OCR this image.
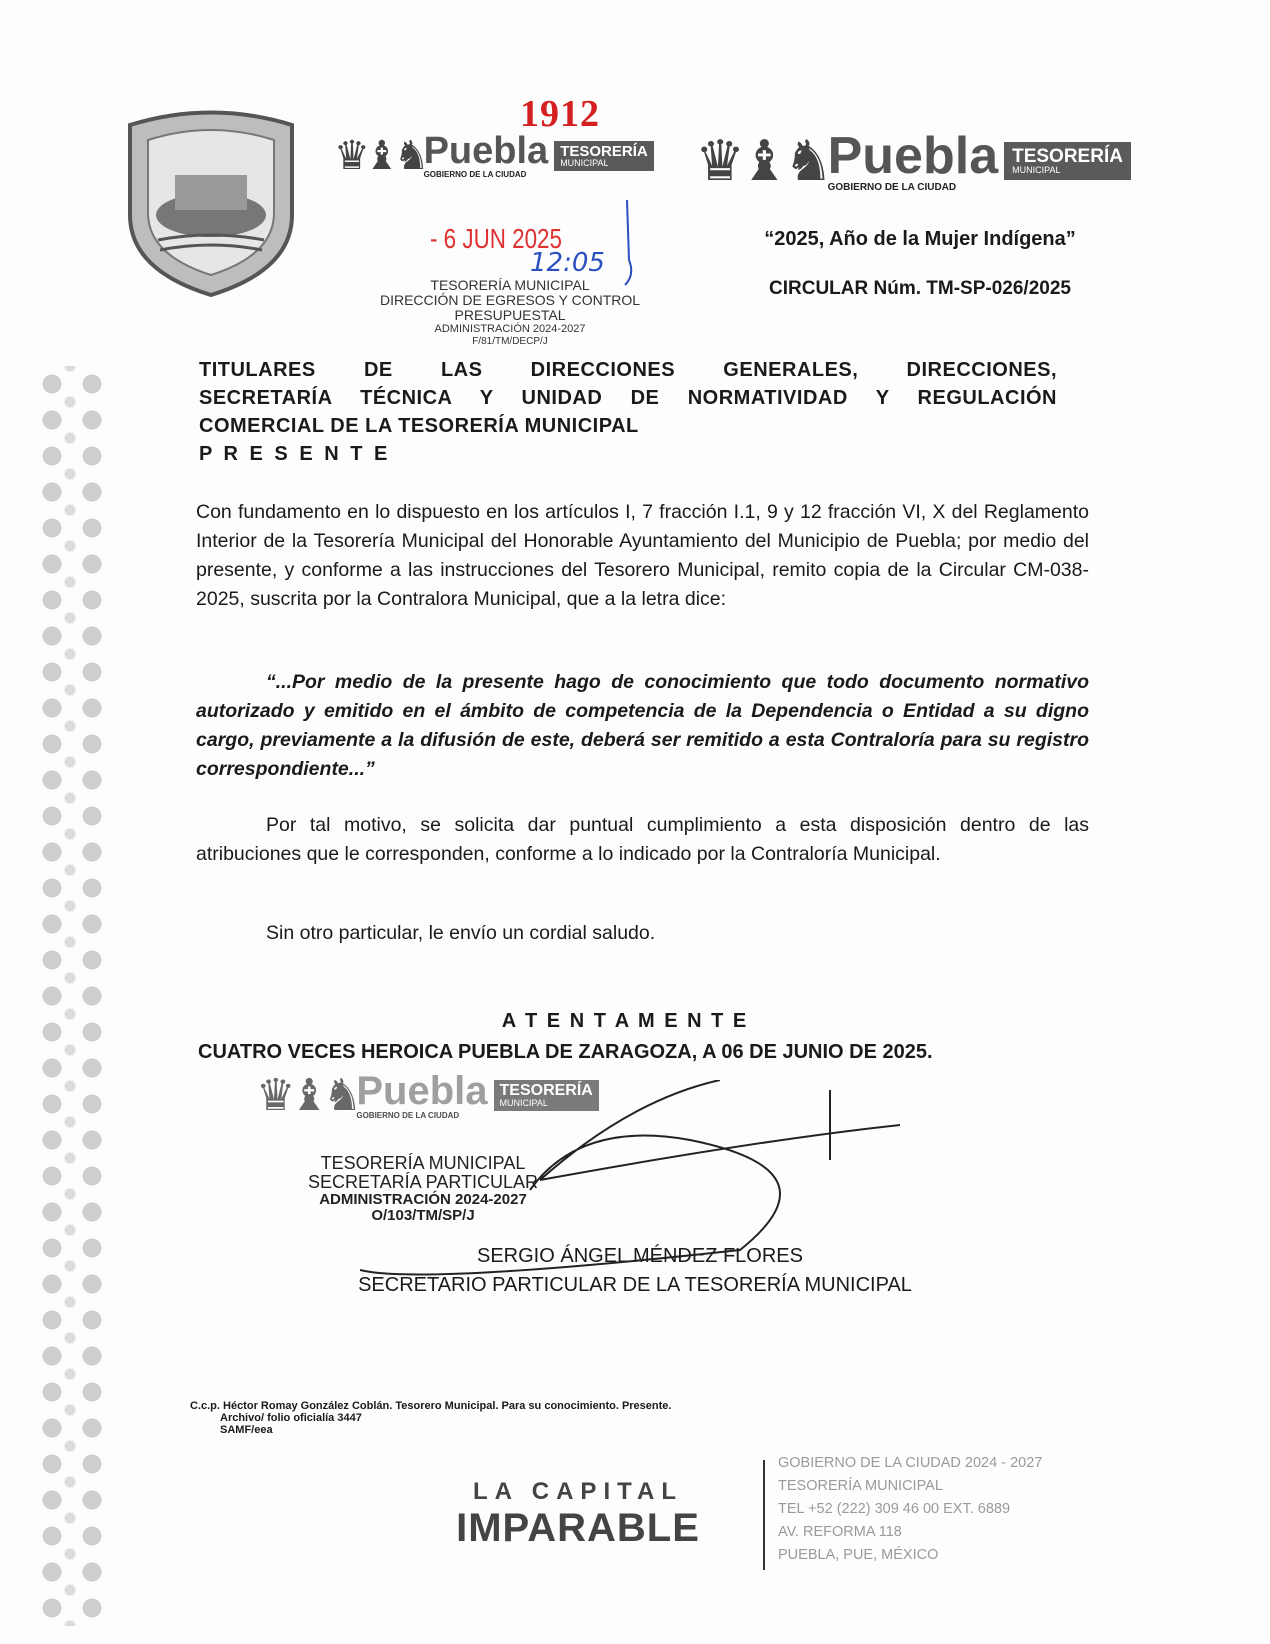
1912
♛♝♞ Puebla
GOBIERNO DE LA CIUDAD
TESORERÍA
MUNICIPAL
- 6 JUN 2025
12:05
TESORERÍA MUNICIPAL
DIRECCIÓN DE EGRESOS Y CONTROL
PRESUPUESTAL
ADMINISTRACIÓN 2024-2027
F/81/TM/DECP/J
♛♝♞ Puebla
GOBIERNO DE LA CIUDAD
TESORERÍA
MUNICIPAL
“2025, Año de la Mujer Indígena”
CIRCULAR Núm. TM-SP-026/2025
TITULARES DE LAS DIRECCIONES GENERALES, DIRECCIONES,
SECRETARÍA TÉCNICA Y UNIDAD DE NORMATIVIDAD Y REGULACIÓN
COMERCIAL DE LA TESORERÍA MUNICIPAL
P R E S E N T E
Con fundamento en lo dispuesto en los artículos I, 7 fracción I.1, 9 y 12 fracción VI, X del Reglamento Interior de la Tesorería Municipal del Honorable Ayuntamiento del Municipio de Puebla; por medio del presente, y conforme a las instrucciones del Tesorero Municipal, remito copia de la Circular CM-038-2025, suscrita por la Contralora Municipal, que a la letra dice:
“...Por medio de la presente hago de conocimiento que todo documento normativo autorizado y emitido en el ámbito de competencia de la Dependencia o Entidad a su digno cargo, previamente a la difusión de este, deberá ser remitido a esta Contraloría para su registro correspondiente...”
Por tal motivo, se solicita dar puntual cumplimiento a esta disposición dentro de las atribuciones que le corresponden, conforme a lo indicado por la Contraloría Municipal.
Sin otro particular, le envío un cordial saludo.
A T E N T A M E N T E
CUATRO VECES HEROICA PUEBLA DE ZARAGOZA, A 06 DE JUNIO DE 2025.
♛♝♞ Puebla
GOBIERNO DE LA CIUDAD
TESORERÍA
MUNICIPAL
TESORERÍA MUNICIPAL
SECRETARÍA PARTICULAR
ADMINISTRACIÓN 2024-2027
O/103/TM/SP/J
SERGIO ÁNGEL MÉNDEZ FLORES
SECRETARIO PARTICULAR DE LA TESORERÍA MUNICIPAL
C.c.p. Héctor Romay González Coblán. Tesorero Municipal. Para su conocimiento. Presente.
Archivo/ folio oficialía 3447
SAMF/eea
LA CAPITAL
IMPARABLE
GOBIERNO DE LA CIUDAD 2024 - 2027
TESORERÍA MUNICIPAL
TEL +52 (222) 309 46 00 EXT. 6889
AV. REFORMA 118
PUEBLA, PUE, MÉXICO
